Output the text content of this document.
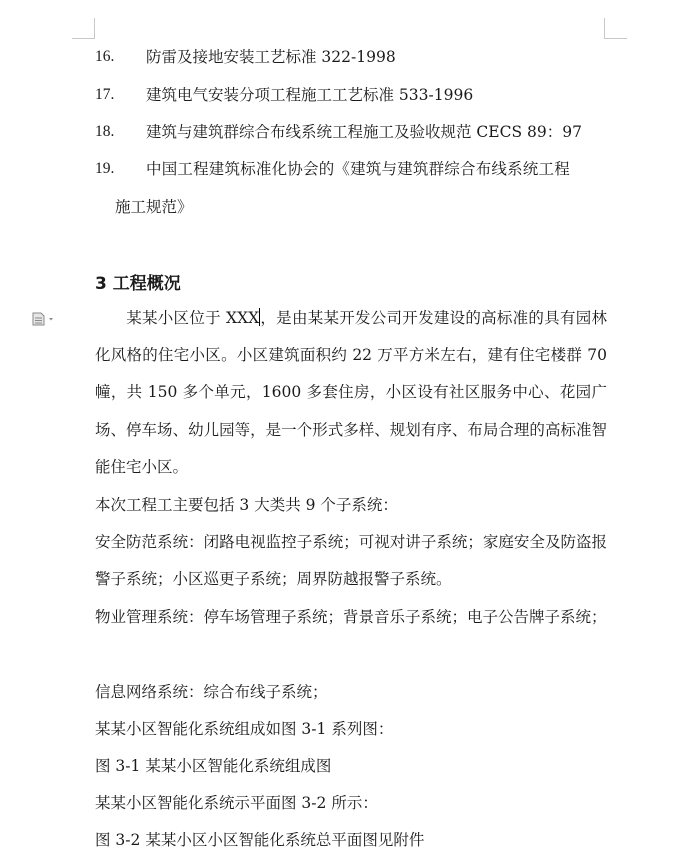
16. 防雷及接地安装工艺标准 322-1998
17. 建筑电气安装分项工程施工工艺标准 533-1996
18. 建筑与建筑群综合布线系统工程施工及验收规范 CECS 89：97
19. 中国工程建筑标准化协会的《建筑与建筑群综合布线系统工程
施工规范》
3 工程概况
某某小区位于 XXX，是由某某开发公司开发建设的高标准的具有园林化风格的住宅小区。小区建筑面积约 22 万平方米左右，建有住宅楼群 70 幢，共 150 多个单元，1600 多套住房，小区设有社区服务中心、花园广场、停车场、幼儿园等，是一个形式多样、规划有序、布局合理的高标准智能住宅小区。
本次工程工主要包括 3 大类共 9 个子系统：
安全防范系统：闭路电视监控子系统；可视对讲子系统；家庭安全及防盗报警子系统；小区巡更子系统；周界防越报警子系统。
物业管理系统：停车场管理子系统；背景音乐子系统；电子公告牌子系统；
信息网络系统：综合布线子系统；
某某小区智能化系统组成如图 3-1 系列图：
图 3-1 某某小区智能化系统组成图
某某小区智能化系统示平面图 3-2 所示：
图 3-2 某某小区小区智能化系统总平面图见附件
